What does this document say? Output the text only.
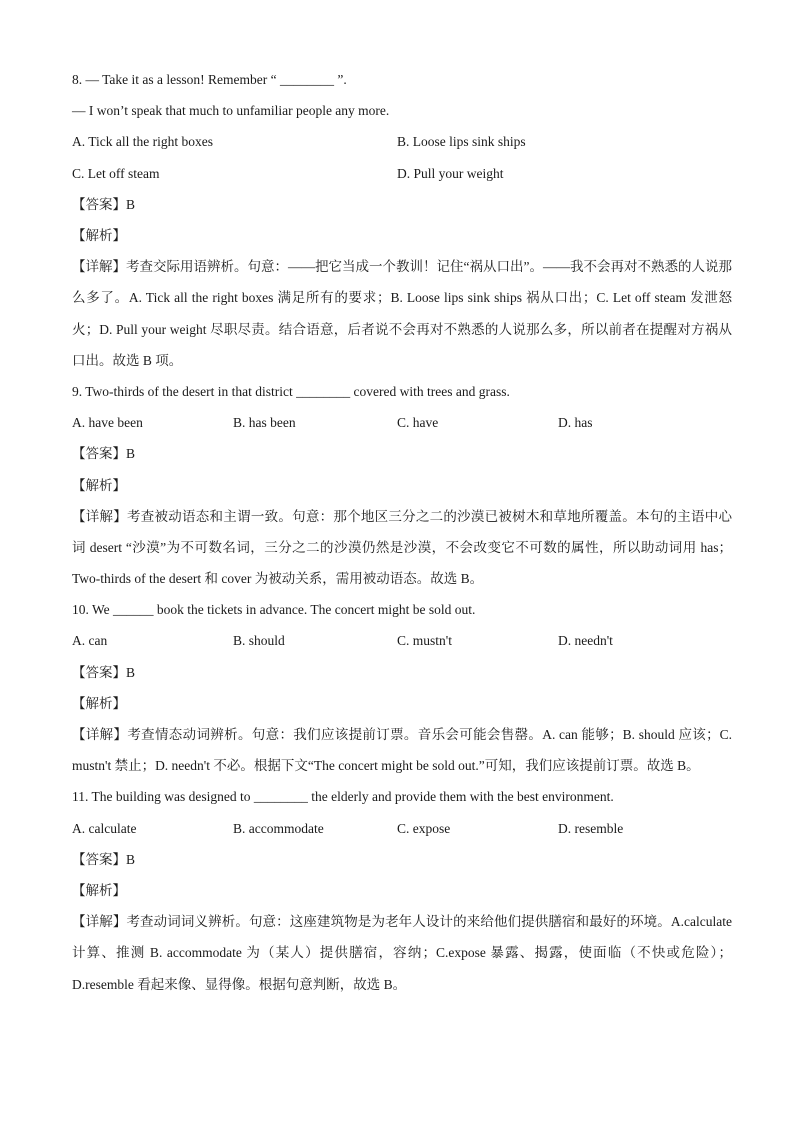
8. — Take it as a lesson! Remember “ ________ ”.
— I won’t speak that much to unfamiliar people any more.
A. Tick all the right boxes	B. Loose lips sink ships
C. Let off steam	D. Pull your weight
【答案】B
【解析】
【详解】考查交际用语辨析。句意：——把它当成一个教训！记住“祸从口出”。——我不会再对不熟悉的人说那么多了。A. Tick all the right boxes 满足所有的要求；B. Loose lips sink ships 祸从口出；C. Let off steam 发泄怒火；D. Pull your weight 尽职尽责。结合语意，后者说不会再对不熟悉的人说那么多，所以前者在提醒对方祸从口出。故选 B 项。
9. Two-thirds of the desert in that district ________ covered with trees and grass.
A. have been	B. has been	C. have	D. has
【答案】B
【解析】
【详解】考查被动语态和主谓一致。句意：那个地区三分之二的沙漠已被树木和草地所覆盖。本句的主语中心词 desert “沙漠”为不可数名词，三分之二的沙漠仍然是沙漠，不会改变它不可数的属性，所以助动词用 has；Two-thirds of the desert 和 cover 为被动关系，需用被动语态。故选 B。
10. We ______ book the tickets in advance. The concert might be sold out.
A. can	B. should	C. mustn't	D. needn't
【答案】B
【解析】
【详解】考查情态动词辨析。句意：我们应该提前订票。音乐会可能会售罄。A. can 能够；B. should 应该；C. mustn't 禁止；D. needn't 不必。根据下文“The concert might be sold out.”可知，我们应该提前订票。故选 B。
11. The building was designed to ________ the elderly and provide them with the best environment.
A. calculate	B. accommodate	C. expose	D. resemble
【答案】B
【解析】
【详解】考查动词词义辨析。句意：这座建筑物是为老年人设计的来给他们提供膳宿和最好的环境。A.calculate 计算、推测 B. accommodate 为（某人）提供膳宿，容纳；C.expose 暴露、揭露，使面临（不快或危险）；D.resemble 看起来像、显得像。根据句意判断，故选 B。
